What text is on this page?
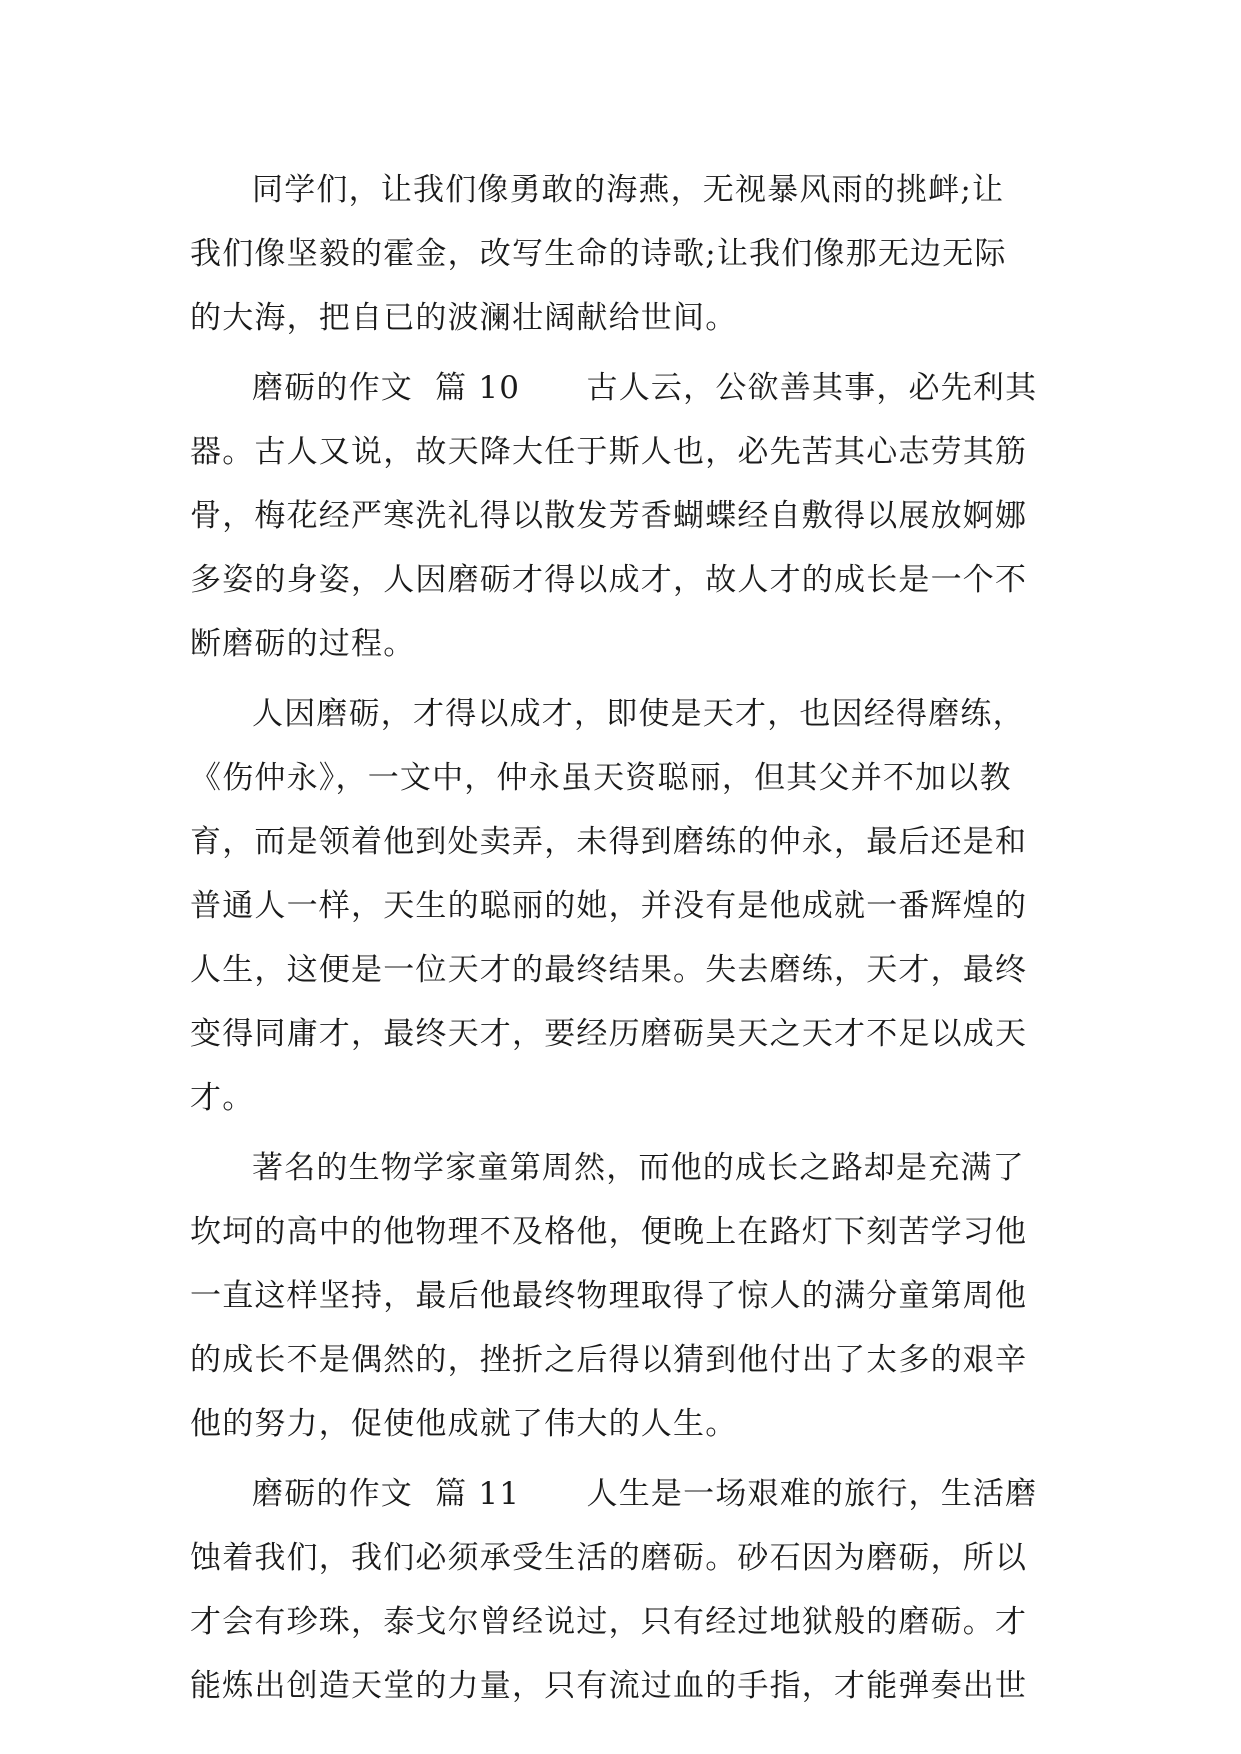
同学们，让我们像勇敢的海燕，无视暴风雨的挑衅;让
我们像坚毅的霍金，改写生命的诗歌;让我们像那无边无际
的大海，把自已的波澜壮阔献给世间。
磨砺的作文  篇 10      古人云，公欲善其事，必先利其
器。古人又说，故天降大任于斯人也，必先苦其心志劳其筋
骨，梅花经严寒洗礼得以散发芳香蝴蝶经自敷得以展放婀娜
多姿的身姿，人因磨砺才得以成才，故人才的成长是一个不
断磨砺的过程。
人因磨砺，才得以成才，即使是天才，也因经得磨练，
《伤仲永》，一文中，仲永虽天资聪丽，但其父并不加以教
育，而是领着他到处卖弄，未得到磨练的仲永，最后还是和
普通人一样，天生的聪丽的她，并没有是他成就一番辉煌的
人生，这便是一位天才的最终结果。失去磨练，天才，最终
变得同庸才，最终天才，要经历磨砺昊天之天才不足以成天
才。
著名的生物学家童第周然，而他的成长之路却是充满了
坎坷的高中的他物理不及格他，便晚上在路灯下刻苦学习他
一直这样坚持，最后他最终物理取得了惊人的满分童第周他
的成长不是偶然的，挫折之后得以猜到他付出了太多的艰辛
他的努力，促使他成就了伟大的人生。
磨砺的作文  篇 11      人生是一场艰难的旅行，生活磨
蚀着我们，我们必须承受生活的磨砺。砂石因为磨砺，所以
才会有珍珠，泰戈尔曾经说过，只有经过地狱般的磨砺。才
能炼出创造天堂的力量，只有流过血的手指，才能弹奏出世
